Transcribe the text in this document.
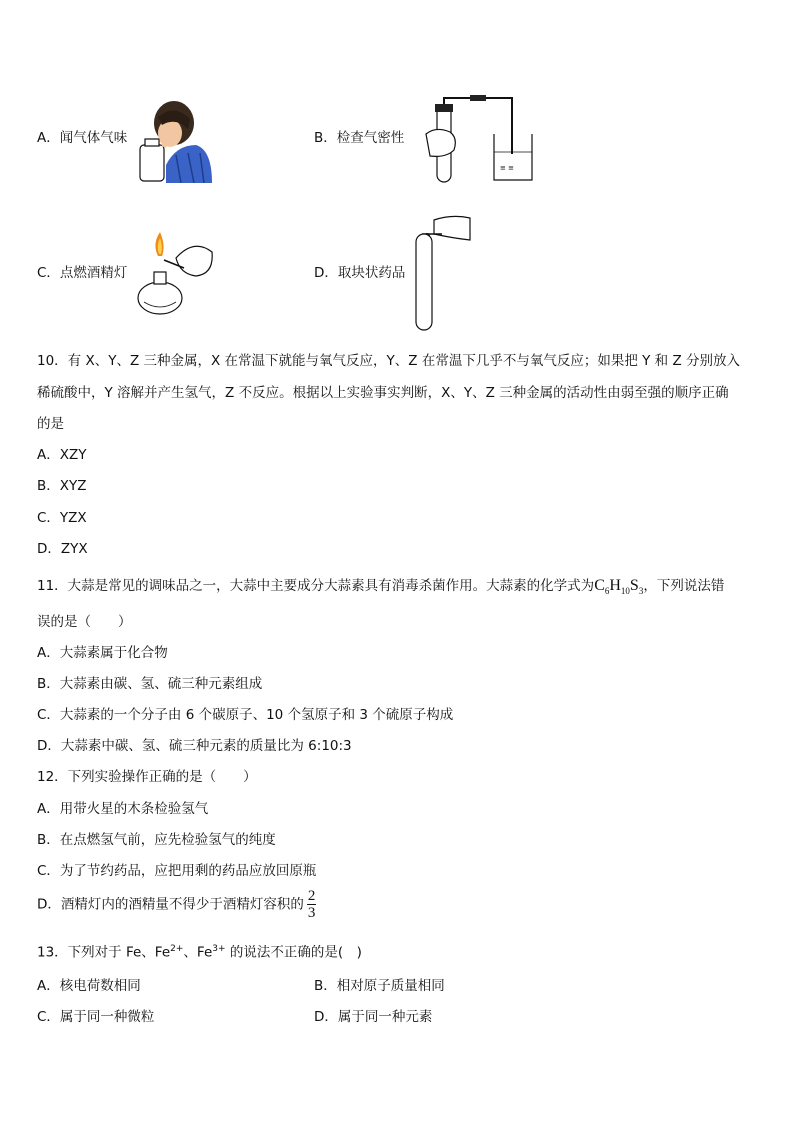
A．闻气体气味	B．检查气密性
≡ ≡
C．点燃酒精灯	D．取块状药品
10．有 X、Y、Z 三种金属，X 在常温下就能与氧气反应，Y、Z 在常温下几乎不与氧气反应；如果把 Y 和 Z 分别放入
稀硫酸中，Y 溶解并产生氢气，Z 不反应。根据以上实验事实判断，X、Y、Z 三种金属的活动性由弱至强的顺序正确
的是
A．XZY
B．XYZ
C．YZX
D．ZYX
11．大蒜是常见的调味品之一，大蒜中主要成分大蒜素具有消毒杀菌作用。大蒜素的化学式为$C_6H_{10}S_3$，下列说法错
误的是（　　）
A．大蒜素属于化合物
B．大蒜素由碳、氢、硫三种元素组成
C．大蒜素的一个分子由 6 个碳原子、10 个氢原子和 3 个硫原子构成
D．大蒜素中碳、氢、硫三种元素的质量比为 6:10:3
12．下列实验操作正确的是（　　）
A．用带火星的木条检验氢气
B．在点燃氢气前，应先检验氢气的纯度
C．为了节约药品，应把用剩的药品应放回原瓶
D．酒精灯内的酒精量不得少于酒精灯容积的 $\frac{2}{3}$
13．下列对于 Fe、$Fe^{2+}$、$Fe^{3+}$ 的说法不正确的是(　)
A．核电荷数相同	B．相对原子质量相同
C．属于同一种微粒	D．属于同一种元素
